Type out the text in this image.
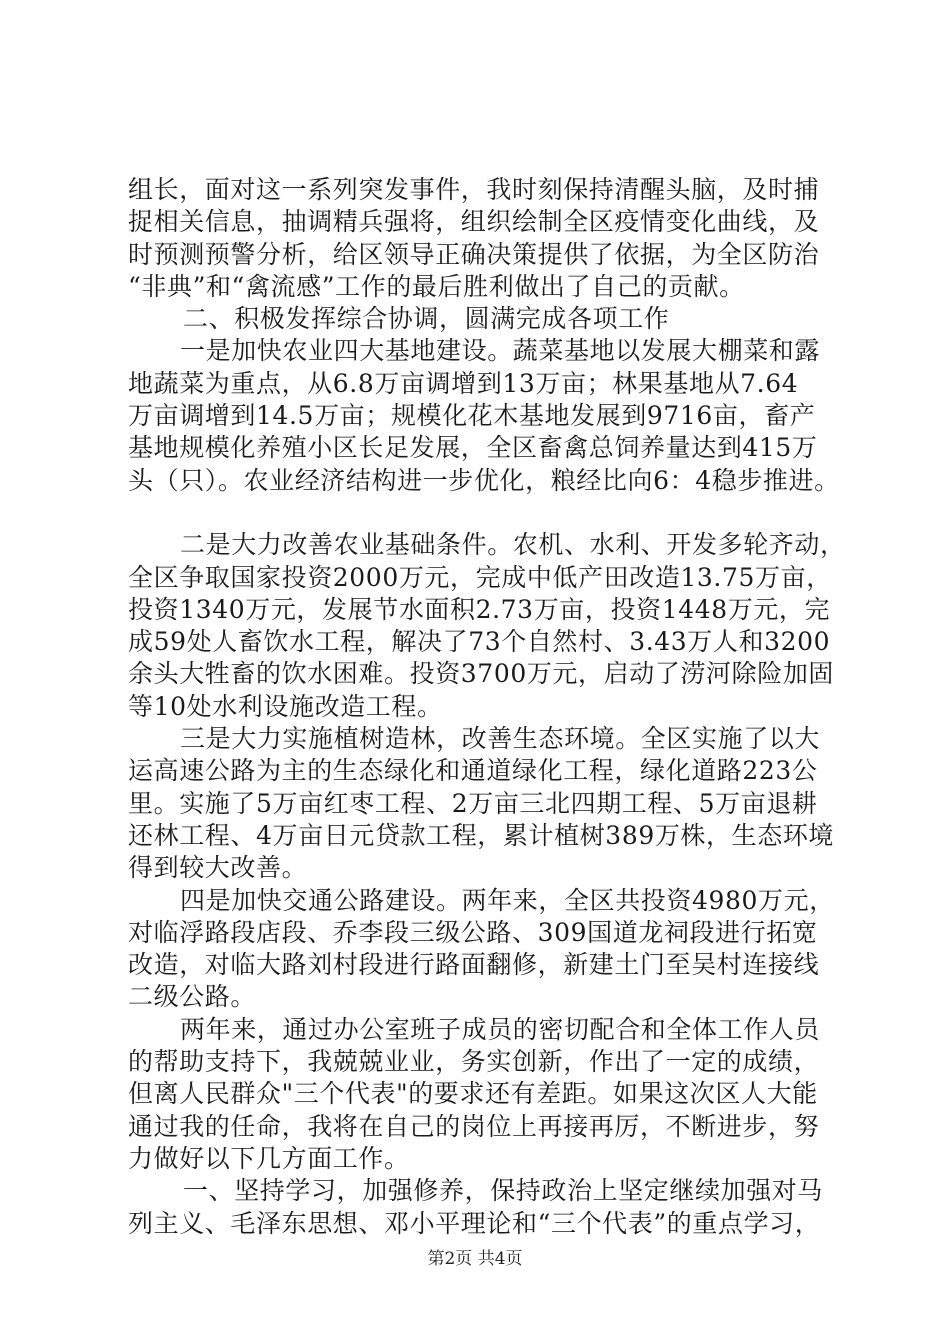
组长，面对这一系列突发事件，我时刻保持清醒头脑，及时捕
捉相关信息，抽调精兵强将，组织绘制全区疫情变化曲线，及
时预测预警分析，给区领导正确决策提供了依据，为全区防治
“非典”和“禽流感”工作的最后胜利做出了自己的贡献。
二、积极发挥综合协调，圆满完成各项工作
一是加快农业四大基地建设。蔬菜基地以发展大棚菜和露
地蔬菜为重点，从6.8万亩调增到13万亩；林果基地从7.64
万亩调增到14.5万亩；规模化花木基地发展到9716亩，畜产
基地规模化养殖小区长足发展，全区畜禽总饲养量达到415万
头（只）。农业经济结构进一步优化，粮经比向6：4稳步推进。
二是大力改善农业基础条件。农机、水利、开发多轮齐动，
全区争取国家投资2000万元，完成中低产田改造13.75万亩，
投资1340万元，发展节水面积2.73万亩，投资1448万元，完
成59处人畜饮水工程，解决了73个自然村、3.43万人和3200
余头大牲畜的饮水困难。投资3700万元，启动了涝河除险加固
等10处水利设施改造工程。
三是大力实施植树造林，改善生态环境。全区实施了以大
运高速公路为主的生态绿化和通道绿化工程，绿化道路223公
里。实施了5万亩红枣工程、2万亩三北四期工程、5万亩退耕
还林工程、4万亩日元贷款工程，累计植树389万株，生态环境
得到较大改善。
四是加快交通公路建设。两年来，全区共投资4980万元，
对临浮路段店段、乔李段三级公路、309国道龙祠段进行拓宽
改造，对临大路刘村段进行路面翻修，新建土门至吴村连接线
二级公路。
两年来，通过办公室班子成员的密切配合和全体工作人员
的帮助支持下，我兢兢业业，务实创新，作出了一定的成绩，
但离人民群众"三个代表"的要求还有差距。如果这次区人大能
通过我的任命，我将在自己的岗位上再接再厉，不断进步，努
力做好以下几方面工作。
一、坚持学习，加强修养，保持政治上坚定继续加强对马
列主义、毛泽东思想、邓小平理论和“三个代表”的重点学习，
第2页 共4页
